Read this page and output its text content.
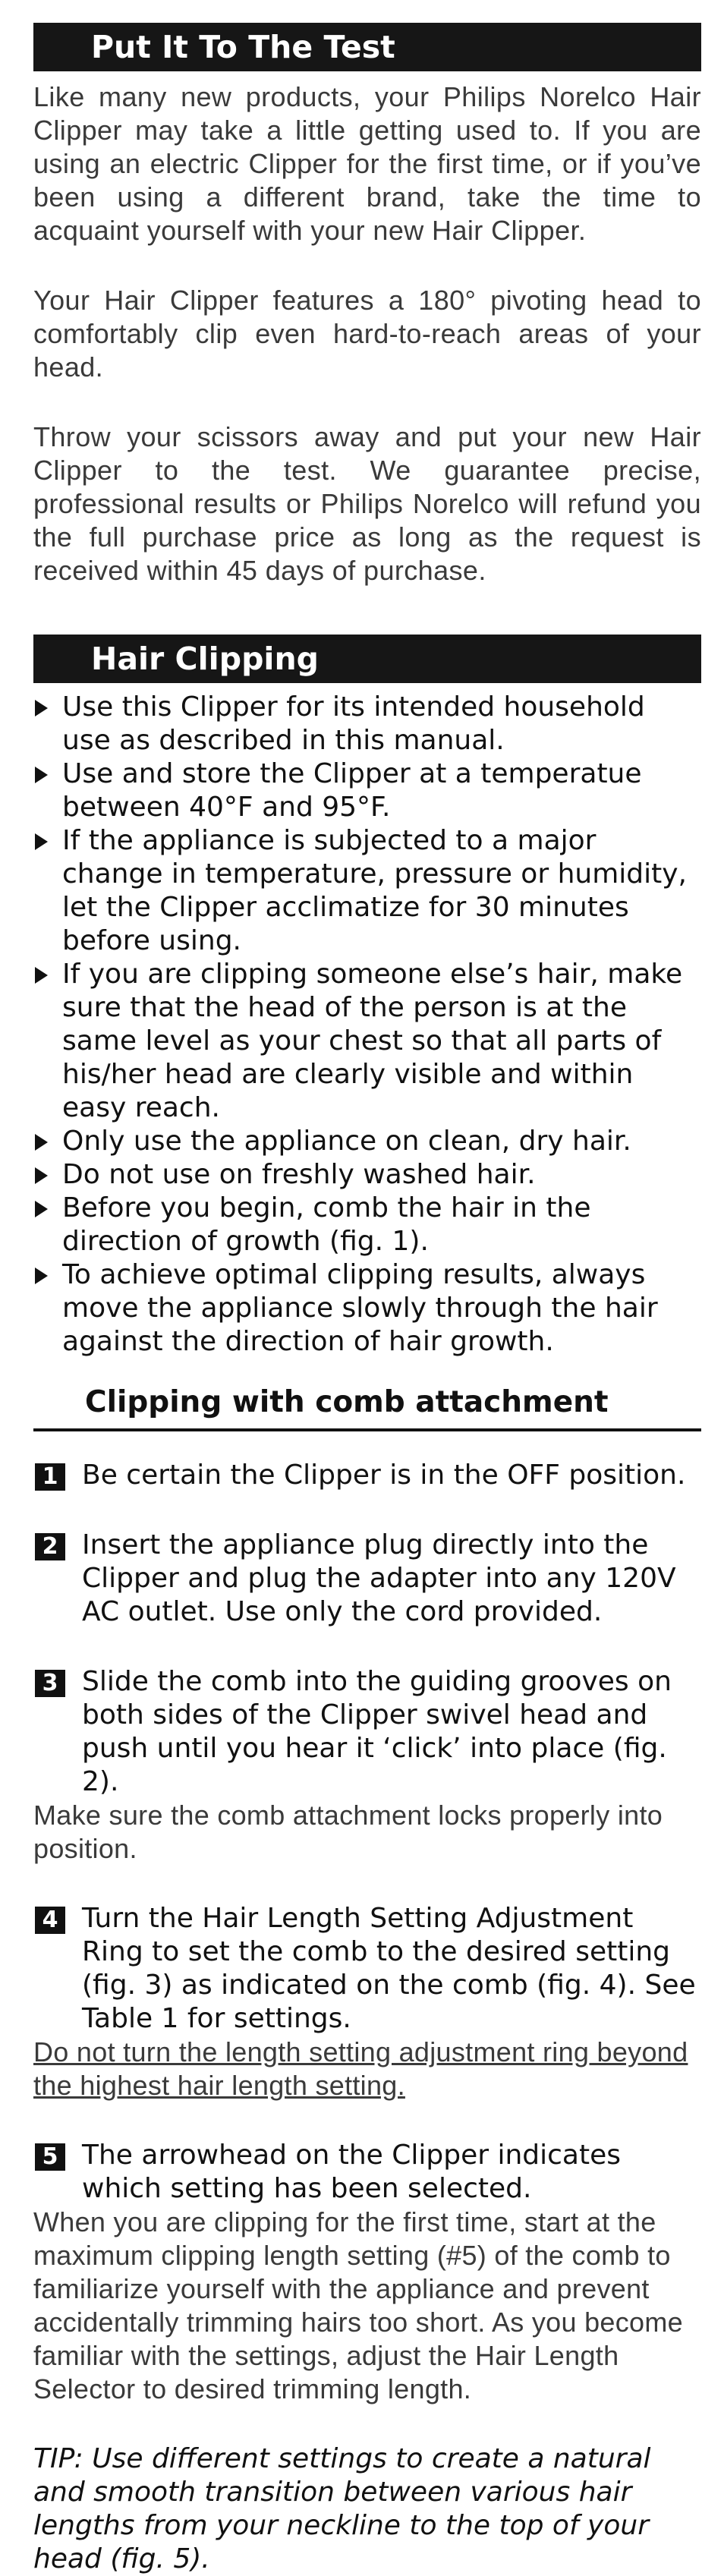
Put It To The Test

Like many new products, your Philips Norelco Hair Clipper may take a little getting used to. If you are using an electric Clipper for the first time, or if you’ve been using a different brand, take the time to acquaint yourself with your new Hair Clipper.

Your Hair Clipper features a 180° pivoting head to comfortably clip even hard-to-reach areas of your head.

Throw your scissors away and put your new Hair Clipper to the test. We guarantee precise, professional results or Philips Norelco will refund you the full purchase price as long as the request is received within 45 days of purchase.

Hair Clipping
Use this Clipper for its intended household use as described in this manual.
Use and store the Clipper at a temperatue between 40°F and 95°F.
If the appliance is subjected to a major change in temperature, pressure or humidity, let the Clipper acclimatize for 30 minutes before using.
If you are clipping someone else’s hair, make sure that the head of the person is at the same level as your chest so that all parts of his/her head are clearly visible and within easy reach.
Only use the appliance on clean, dry hair.
Do not use on freshly washed hair.
Before you begin, comb the hair in the direction of growth (fig. 1).
To achieve optimal clipping results, always move the appliance slowly through the hair against the direction of hair growth.
Clipping with comb attachment
1 Be certain the Clipper is in the OFF position.
2 Insert the appliance plug directly into the Clipper and plug the adapter into any 120V AC outlet. Use only the cord provided.
3 Slide the comb into the guiding grooves on both sides of the Clipper swivel head and push until you hear it ‘click’ into place (fig. 2).
Make sure the comb attachment locks properly into position.
4 Turn the Hair Length Setting Adjustment Ring to set the comb to the desired setting (fig. 3) as indicated on the comb (fig. 4). See Table 1 for settings.
Do not turn the length setting adjustment ring beyond the highest hair length setting.
5 The arrowhead on the Clipper indicates which setting has been selected.
When you are clipping for the first time, start at the maximum clipping length setting (#5) of the comb to familiarize yourself with the appliance and prevent accidentally trimming hairs too short. As you become familiar with the settings, adjust the Hair Length Selector to desired trimming length.
TIP: Use different settings to create a natural and smooth transition between various hair lengths from your neckline to the top of your head (fig. 5).
